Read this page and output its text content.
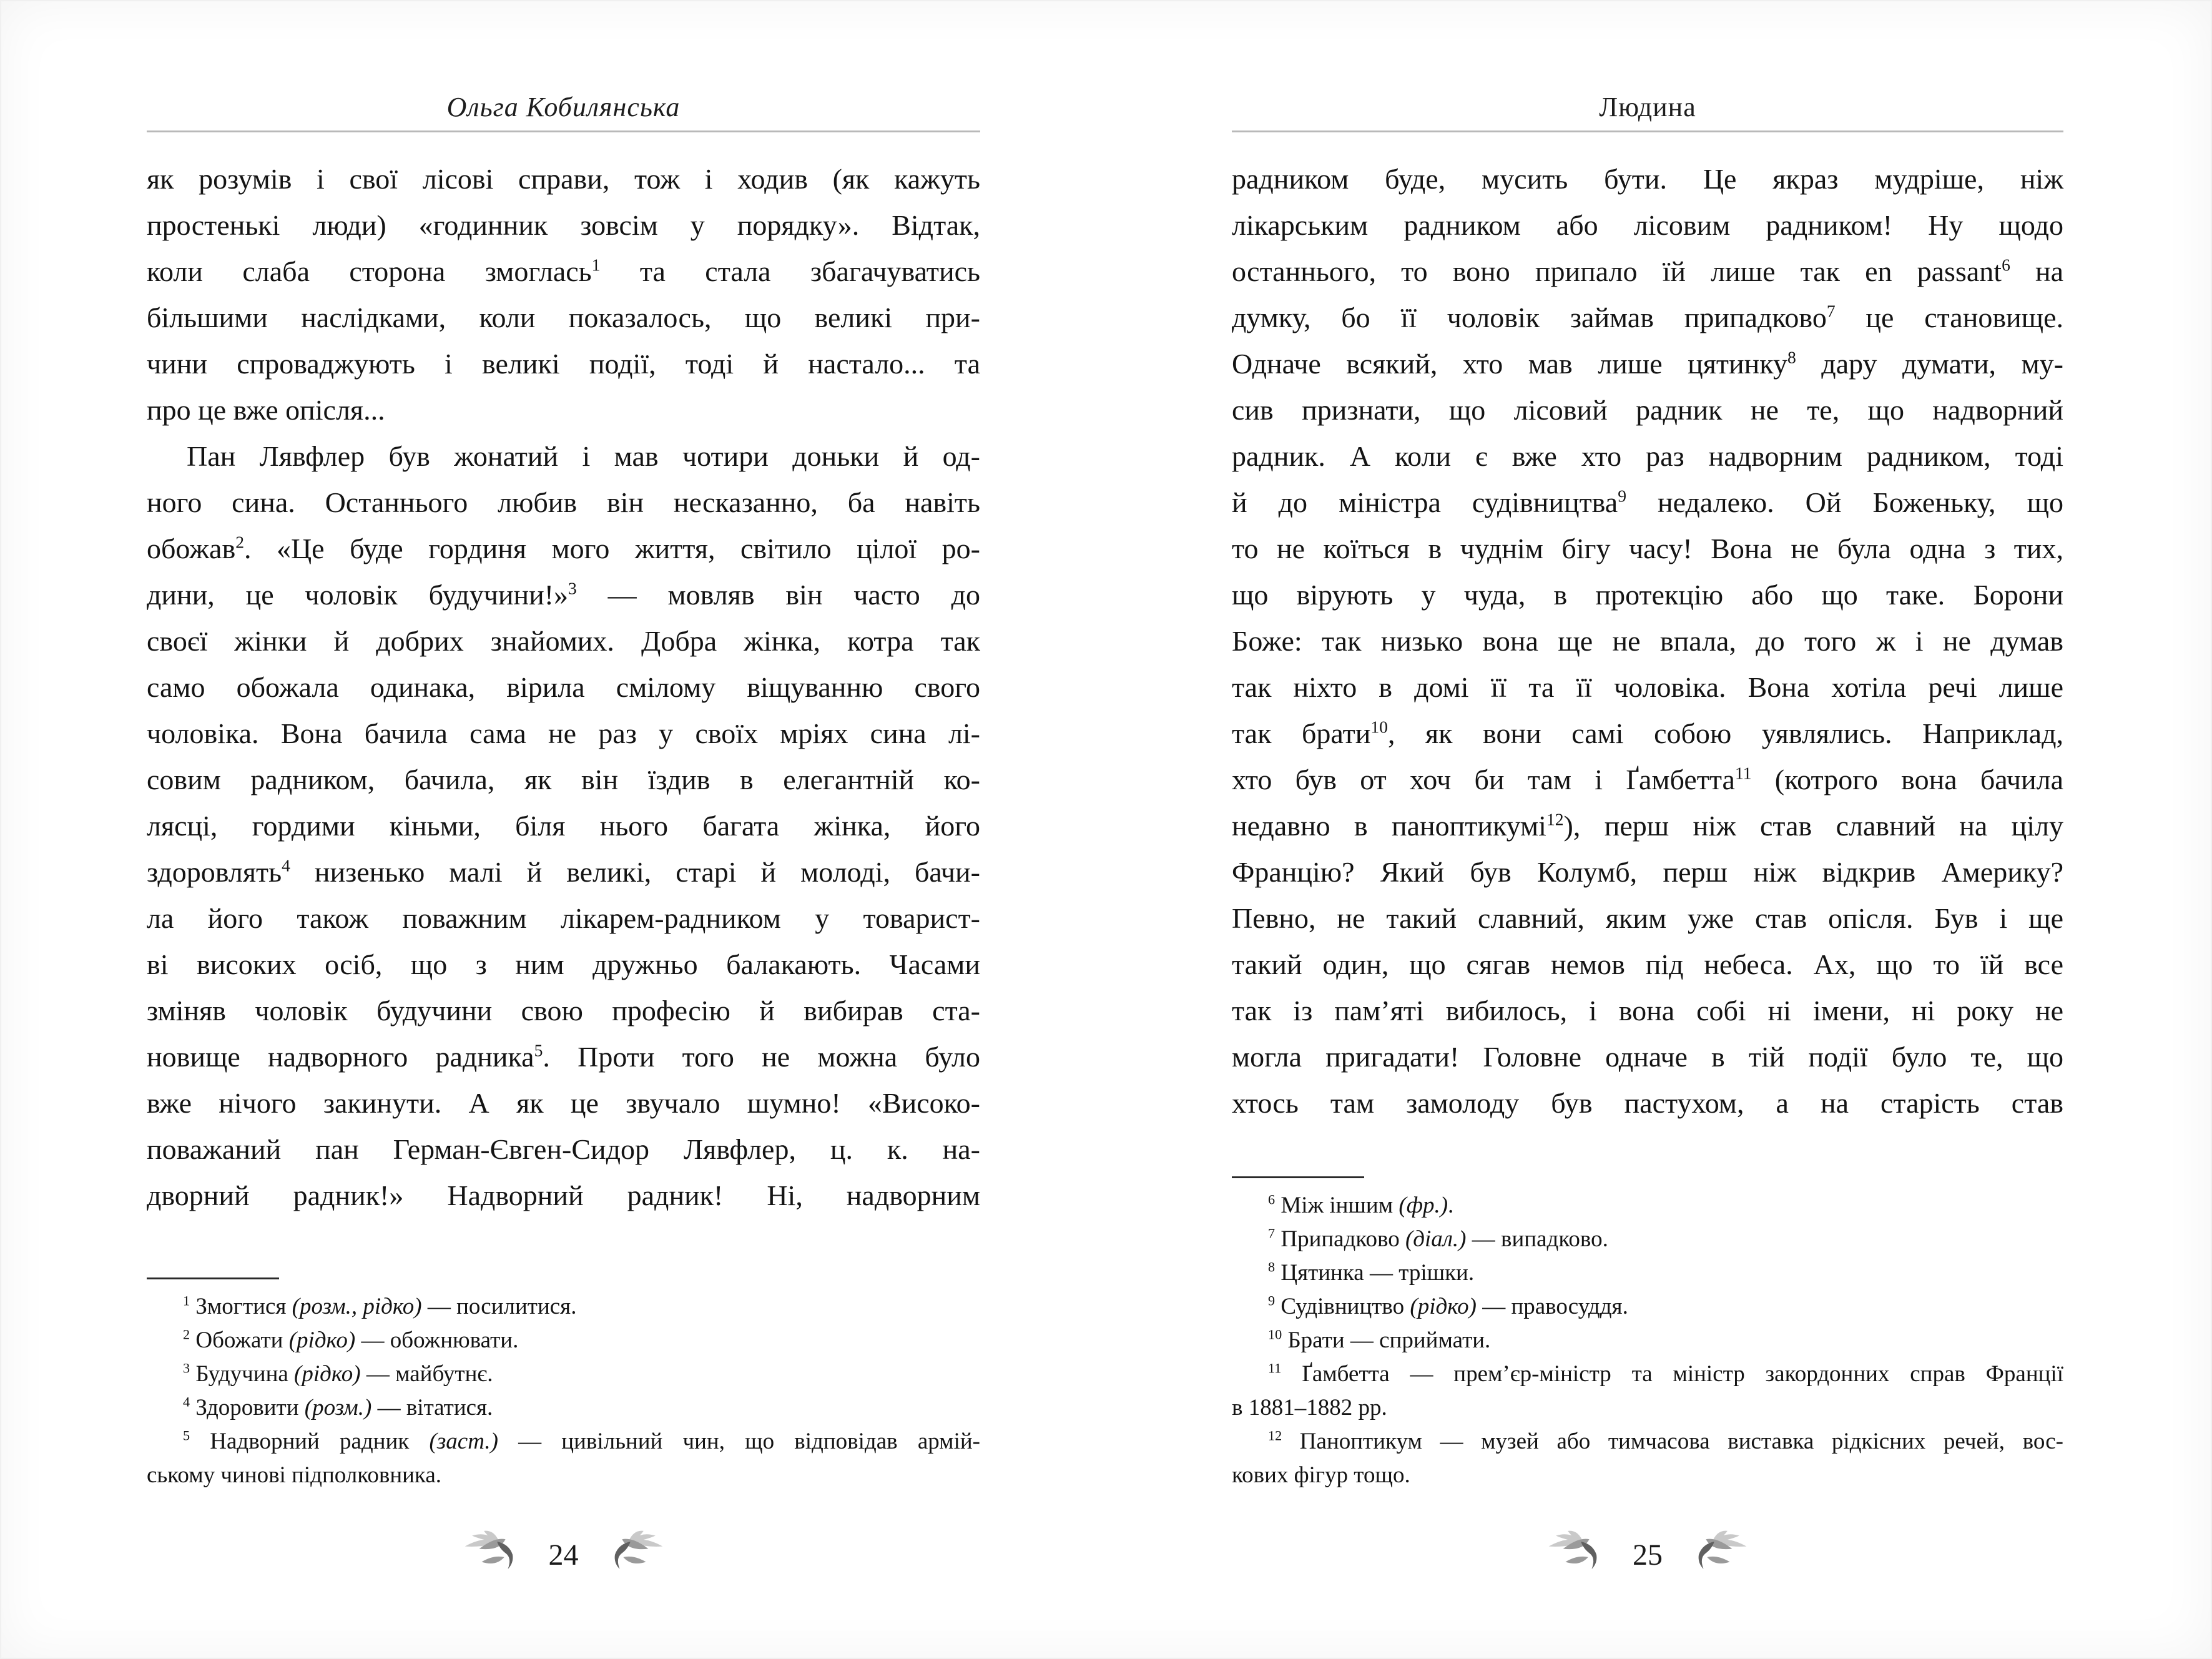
Ольга Кобилянська
як розумів і свої лісові справи, тож і ходив (як кажуть
простенькі люди) «годинник зовсім у порядку». Відтак,
коли слаба сторона змоглась$^1$ та стала збагачуватись
більшими наслідками, коли показалось, що великі при-
чини спроваджують і великі події, тоді й настало... та
про це вже опісля...
Пан Лявфлер був жонатий і мав чотири доньки й од-
ного сина. Останнього любив він несказанно, ба навіть
обожав$^2$. «Це буде гординя мого життя, світило цілої ро-
дини, це чоловік будучини!»$^3$ — мовляв він часто до
своєї жінки й добрих знайомих. Добра жінка, котра так
само обожала одинака, вірила смілому віщуванню свого
чоловіка. Вона бачила сама не раз у своїх мріях сина лі-
совим радником, бачила, як він їздив в елегантній ко-
лясці, гордими кіньми, біля нього багата жінка, його
здоровлять$^4$ низенько малі й великі, старі й молоді, бачи-
ла його також поважним лікарем-радником у товарист-
ві високих осіб, що з ним дружньо балакають. Часами
зміняв чоловік будучини свою професію й вибирав ста-
новище надворного радника$^5$. Проти того не можна було
вже нічого закинути. А як це звучало шумно! «Високо-
поважаний пан Герман-Євген-Сидор Лявфлер, ц. к. на-
дворний радник!» Надворний радник! Ні, надворним
$^1$ Змогтися (розм., рідко) — посилитися.
$^2$ Обожати (рідко) — обожнювати.
$^3$ Будучина (рідко) — майбутнє.
$^4$ Здоровити (розм.) — вітатися.
$^5$ Надворний радник (заст.) — цивільний чин, що відповідав армій-
ському чинові підполковника.
24
Людина
радником буде, мусить бути. Це якраз мудріше, ніж
лікарським радником або лісовим радником! Ну щодо
останнього, то воно припало їй лише так en passant$^6$ на
думку, бо її чоловік займав припадково$^7$ це становище.
Одначе всякий, хто мав лише цятинку$^8$ дару думати, му-
сив признати, що лісовий радник не те, що надворний
радник. А коли є вже хто раз надворним радником, тоді
й до міністра судівництва$^9$ недалеко. Ой Боженьку, що
то не коїться в чуднім бігу часу! Вона не була одна з тих,
що вірують у чуда, в протекцію або що таке. Борони
Боже: так низько вона ще не впала, до того ж і не думав
так ніхто в домі її та її чоловіка. Вона хотіла речі лише
так брати$^{10}$, як вони самі собою уявлялись. Наприклад,
хто був от хоч би там і Ґамбетта$^{11}$ (котрого вона бачила
недавно в паноптикумі$^{12}$), перш ніж став славний на цілу
Францію? Який був Колумб, перш ніж відкрив Америку?
Певно, не такий славний, яким уже став опісля. Був і ще
такий один, що сягав немов під небеса. Ах, що то їй все
так із пам’яті вибилось, і вона собі ні імени, ні року не
могла пригадати! Головне одначе в тій події було те, що
хтось там замолоду був пастухом, а на старість став
$^6$ Між іншим (фр.).
$^7$ Припадково (діал.) — випадково.
$^8$ Цятинка — трішки.
$^9$ Судівництво (рідко) — правосуддя.
$^{10}$ Брати — сприймати.
$^{11}$ Ґамбетта — прем’єр-міністр та міністр закордонних справ Франції
в 1881–1882 рр.
$^{12}$ Паноптикум — музей або тимчасова виставка рідкісних речей, вос-
кових фігур тощо.
25
